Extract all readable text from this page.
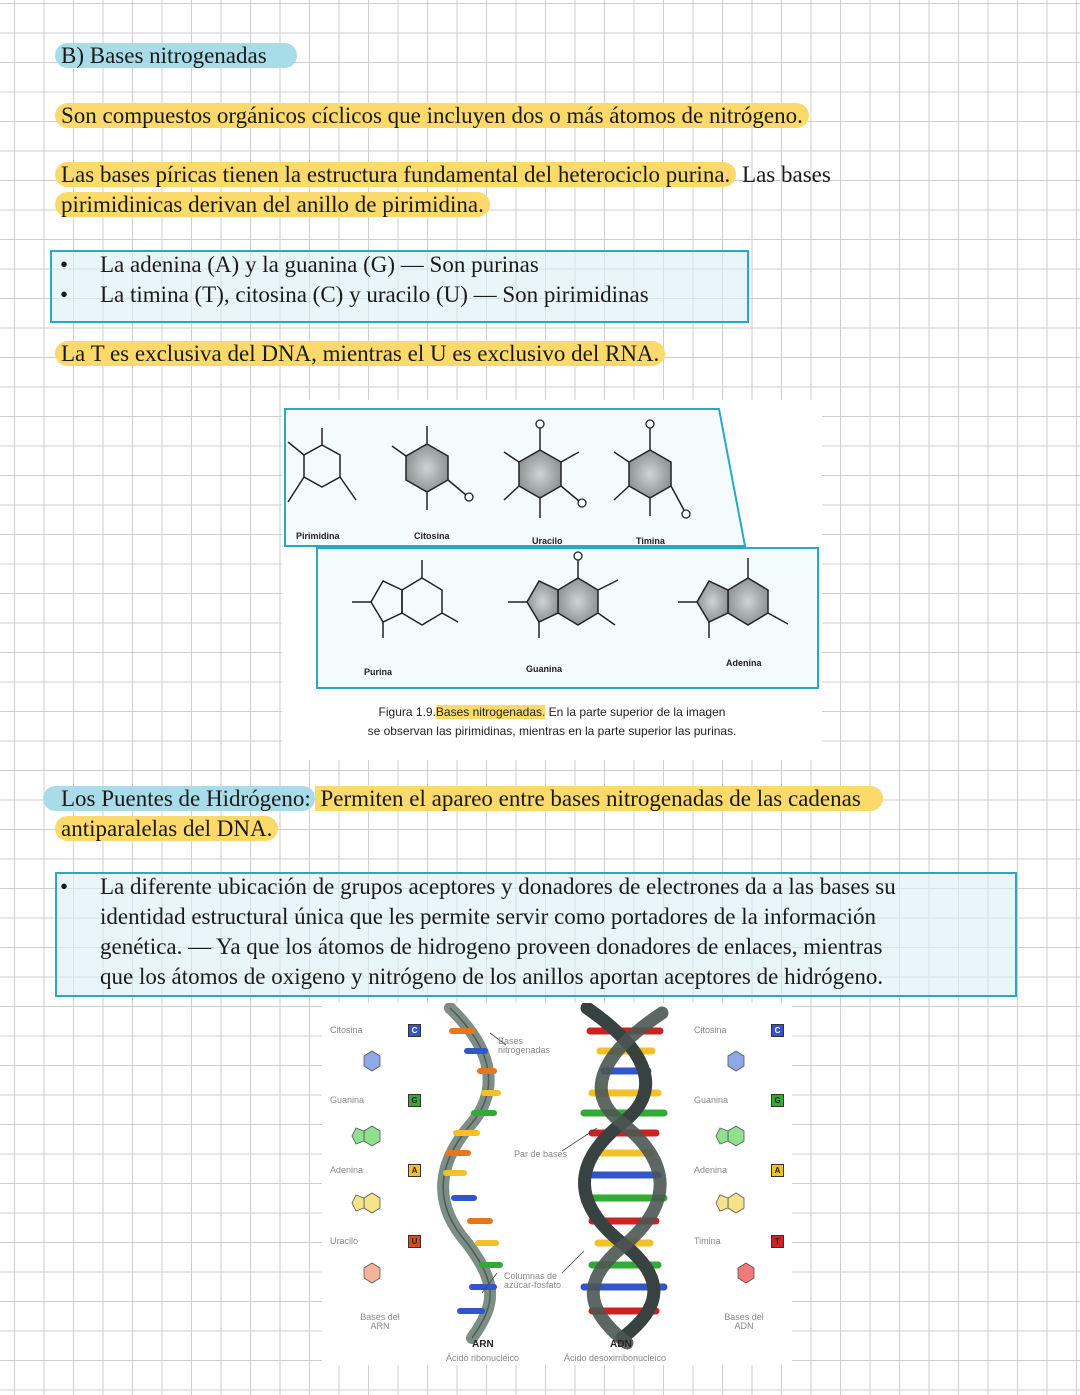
B) Bases nitrogenadas
Son compuestos orgánicos cíclicos que incluyen dos o más átomos de nitrógeno.
Las bases píricas tienen la estructura fundamental del heterociclo purina. Las bases
pirimidinicas derivan del anillo de pirimidina.
• La adenina (A) y la guanina (G) — Son purinas
• La timina (T), citosina (C) y uracilo (U) — Son pirimidinas
La T es exclusiva del DNA, mientras el U es exclusivo del RNA.
Pirimidina	Citosina	Uracilo	Timina
Purina	Guanina
Adenina
Figura 1.9.Bases nitrogenadas. En la parte superior de la imagen
se observan las pirimidinas, mientras en la parte superior las purinas.
Los Puentes de Hidrógeno: Permiten el apareo entre bases nitrogenadas de las cadenas
antiparalelas del DNA.
• La diferente ubicación de grupos aceptores y donadores de electrones da a las bases su
identidad estructural única que les permite servir como portadores de la información
genética. — Ya que los átomos de hidrogeno proveen donadores de enlaces, mientras
que los átomos de oxigeno y nitrógeno de los anillos aportan aceptores de hidrógeno.
Citosina
Guanina
Adenina
Uracilo
C
G
A
U
Bases del ARN
Citosina
Guanina
Adenina
Timina
C
G
A
T
Bases del ADN
Bases nitrogenadas
Par de bases
Columnas de azúcar-fosfato
ARN
Ácido ribonucléico
ADN
Ácido desoxirribonucleico
